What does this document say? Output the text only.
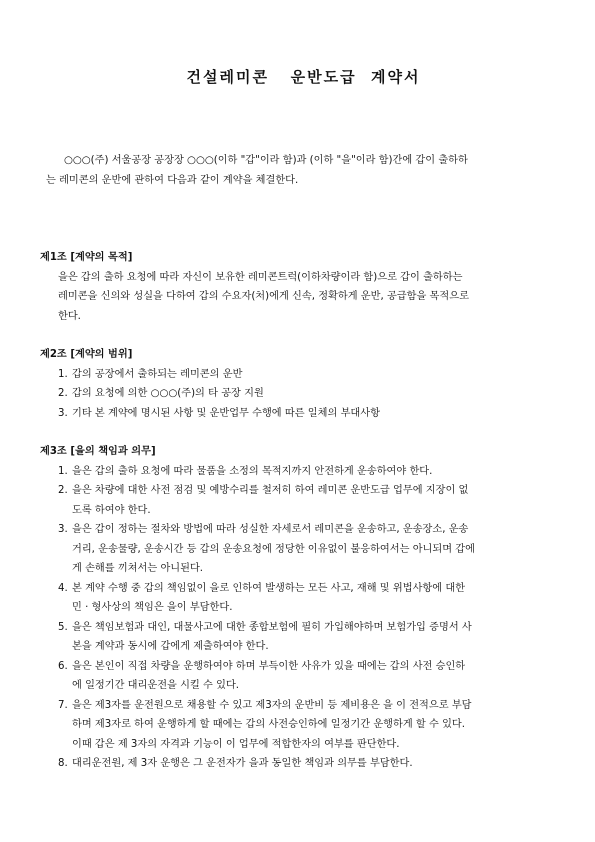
건설레미콘   운반도급  계약서
○○○(주) 서울공장 공장장 ○○○(이하 "갑"이라 함)과 (이하 "을"이라 함)간에 갑이 출하하
는 레미콘의 운반에 관하여 다음과 같이 계약을 체결한다.

제1조 [계약의 목적]

을은 갑의 출하 요청에 따라 자신이 보유한 레미콘트럭(이하차량이라 함)으로 갑이 출하하는
레미콘을 신의와 성실을 다하여 갑의 수요자(처)에게 신속, 정확하게 운반, 공급함을 목적으로
한다.

제2조 [계약의 범위]

1. 갑의 공장에서 출하되는 레미콘의 운반
2. 갑의 요청에 의한 ○○○(주)의 타 공장 지원
3. 기타 본 계약에 명시된 사항 및 운반업무 수행에 따른 일체의 부대사항

제3조 [을의 책임과 의무]

1. 을은 갑의 출하 요청에 따라 물품을 소정의 목적지까지 안전하게 운송하여야 한다.
2. 을은 차량에 대한 사전 점검 및 예방수리를 철저히 하여 레미콘 운반도급 업무에 지장이 없
도록 하여야 한다.
3. 을은 갑이 정하는 절차와 방법에 따라 성실한 자세로서 레미콘을 운송하고, 운송장소, 운송
거리, 운송물량, 운송시간 등 갑의 운송요청에 정당한 이유없이 불응하여서는 아니되며 갑에
게 손해를 끼쳐서는 아니된다.
4. 본 계약 수행 중 갑의 책임없이 을로 인하여 발생하는 모든 사고, 재해 및 위법사항에 대한
민 · 형사상의 책임은 을이 부담한다.
5. 을은 책임보험과 대인, 대물사고에 대한 종합보험에 필히 가입해야하며 보험가입 증명서 사
본을 계약과 동시에 갑에게 제출하여야 한다.
6. 을은 본인이 직접 차량을 운행하여야 하며 부득이한 사유가 있을 때에는 갑의 사전 승인하
에 일정기간 대리운전을 시킬 수 있다.
7. 을은 제3자를 운전원으로 채용할 수 있고 제3자의 운반비 등 제비용은 을 이 전적으로 부담
하며 제3자로 하여 운행하게 할 때에는 갑의 사전승인하에 일정기간 운행하게 할 수 있다.
이때 갑은 제 3자의 자격과 기능이 이 업무에 적합한자의 여부를 판단한다.
8. 대리운전원, 제 3자 운행은 그 운전자가 을과 동일한 책임과 의무를 부담한다.
